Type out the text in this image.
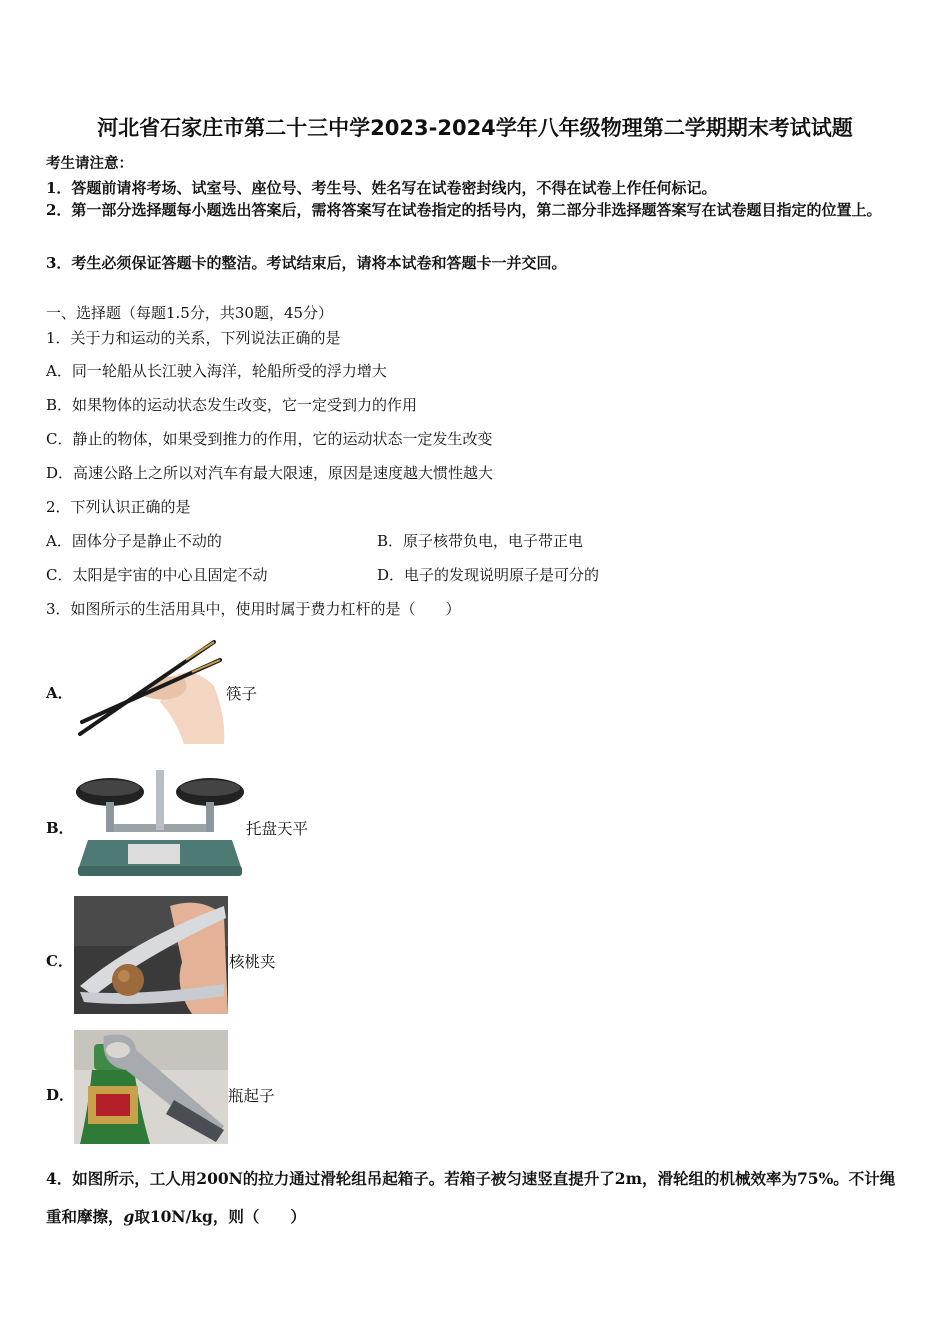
河北省石家庄市第二十三中学2023-2024学年八年级物理第二学期期末考试试题
考生请注意：
1．答题前请将考场、试室号、座位号、考生号、姓名写在试卷密封线内，不得在试卷上作任何标记。
2．第一部分选择题每小题选出答案后，需将答案写在试卷指定的括号内，第二部分非选择题答案写在试卷题目指定的位置上。
3．考生必须保证答题卡的整洁。考试结束后，请将本试卷和答题卡一并交回。
一、选择题（每题1.5分，共30题，45分）
1．关于力和运动的关系，下列说法正确的是
A．同一轮船从长江驶入海洋，轮船所受的浮力增大
B．如果物体的运动状态发生改变，它一定受到力的作用
C．静止的物体，如果受到推力的作用，它的运动状态一定发生改变
D．高速公路上之所以对汽车有最大限速，原因是速度越大惯性越大
2．下列认识正确的是
A．固体分子是静止不动的	B．原子核带负电，电子带正电
C．太阳是宇宙的中心且固定不动	D．电子的发现说明原子是可分的
3．如图所示的生活用具中，使用时属于费力杠杆的是（　　）
A．	筷子
B．	托盘天平
C．	核桃夹
D．	瓶起子
4．如图所示，工人用200N的拉力通过滑轮组吊起箱子。若箱子被匀速竖直提升了2m，滑轮组的机械效率为75%。不计绳重和摩擦，g取10N/kg，则（　　）
